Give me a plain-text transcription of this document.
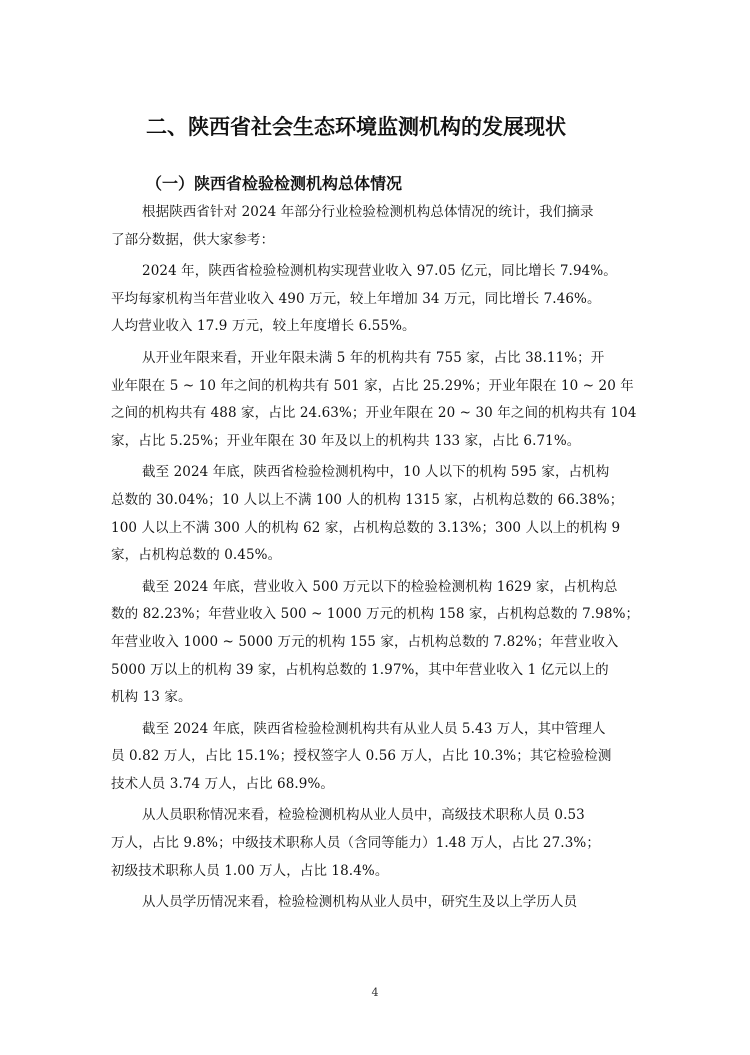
二、陕西省社会生态环境监测机构的发展现状
（一）陕西省检验检测机构总体情况
根据陕西省针对 2024 年部分行业检验检测机构总体情况的统计，我们摘录
了部分数据，供大家参考：
2024 年，陕西省检验检测机构实现营业收入 97.05 亿元，同比增长 7.94%。
平均每家机构当年营业收入 490 万元，较上年增加 34 万元，同比增长 7.46%。
人均营业收入 17.9 万元，较上年度增长 6.55%。
从开业年限来看，开业年限未满 5 年的机构共有 755 家，占比 38.11%；开
业年限在 5 ~ 10 年之间的机构共有 501 家，占比 25.29%；开业年限在 10 ~ 20 年
之间的机构共有 488 家，占比 24.63%；开业年限在 20 ~ 30 年之间的机构共有 104
家，占比 5.25%；开业年限在 30 年及以上的机构共 133 家，占比 6.71%。
截至 2024 年底，陕西省检验检测机构中，10 人以下的机构 595 家，占机构
总数的 30.04%；10 人以上不满 100 人的机构 1315 家，占机构总数的 66.38%；
100 人以上不满 300 人的机构 62 家，占机构总数的 3.13%；300 人以上的机构 9
家，占机构总数的 0.45%。
截至 2024 年底，营业收入 500 万元以下的检验检测机构 1629 家，占机构总
数的 82.23%；年营业收入 500 ~ 1000 万元的机构 158 家，占机构总数的 7.98%；
年营业收入 1000 ~ 5000 万元的机构 155 家，占机构总数的 7.82%；年营业收入
5000 万以上的机构 39 家，占机构总数的 1.97%，其中年营业收入 1 亿元以上的
机构 13 家。
截至 2024 年底，陕西省检验检测机构共有从业人员 5.43 万人，其中管理人
员 0.82 万人，占比 15.1%；授权签字人 0.56 万人，占比 10.3%；其它检验检测
技术人员 3.74 万人，占比 68.9%。
从人员职称情况来看，检验检测机构从业人员中，高级技术职称人员 0.53
万人，占比 9.8%；中级技术职称人员（含同等能力）1.48 万人，占比 27.3%；
初级技术职称人员 1.00 万人，占比 18.4%。
从人员学历情况来看，检验检测机构从业人员中，研究生及以上学历人员
4
